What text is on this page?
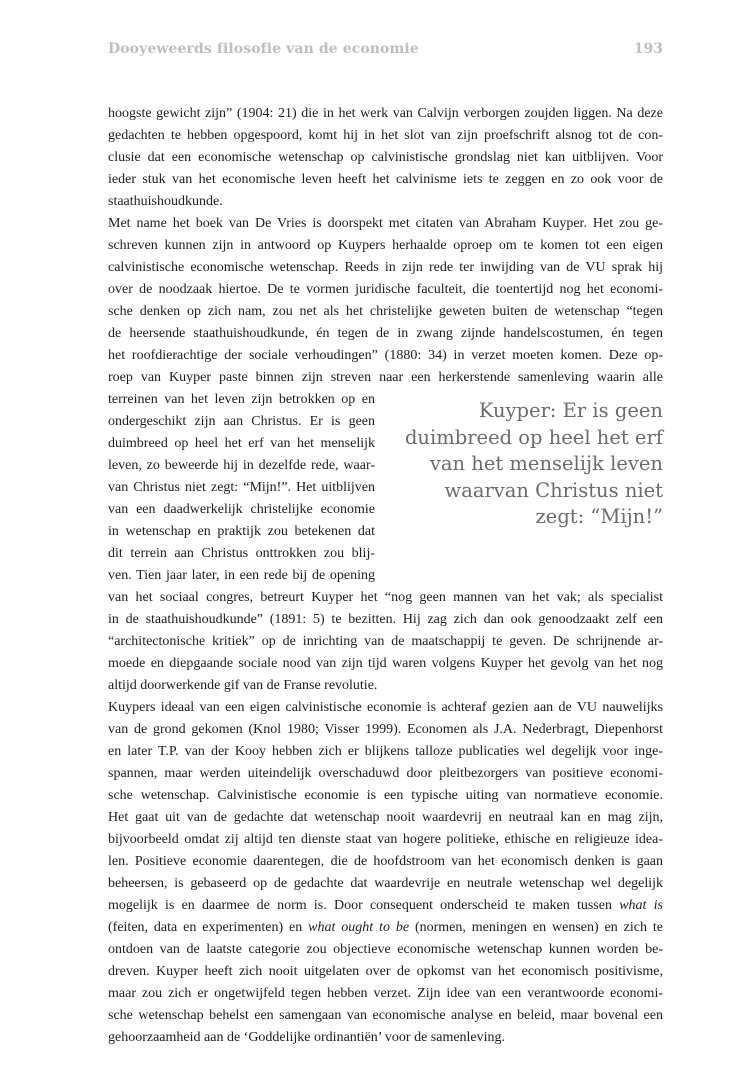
Dooyeweerds filosofie van de economie	193
hoogste gewicht zijn” (1904: 21) die in het werk van Calvijn verborgen zoujden liggen. Na deze
gedachten te hebben opgespoord, komt hij in het slot van zijn proefschrift alsnog tot de con-
clusie dat een economische wetenschap op calvinistische grondslag niet kan uitblijven. Voor
ieder stuk van het economische leven heeft het calvinisme iets te zeggen en zo ook voor de
staathuishoudkunde.
Met name het boek van De Vries is doorspekt met citaten van Abraham Kuyper. Het zou ge-
schreven kunnen zijn in antwoord op Kuypers herhaalde oproep om te komen tot een eigen
calvinistische economische wetenschap. Reeds in zijn rede ter inwijding van de VU sprak hij
over de noodzaak hiertoe. De te vormen juridische faculteit, die toentertijd nog het economi-
sche denken op zich nam, zou net als het christelijke geweten buiten de wetenschap “tegen
de heersende staathuishoudkunde, én tegen de in zwang zijnde handelscostumen, én tegen
het roofdierachtige der sociale verhoudingen” (1880: 34) in verzet moeten komen. Deze op-
roep van Kuyper paste binnen zijn streven naar een herkerstende samenleving waarin alle
terreinen van het leven zijn betrokken op en
ondergeschikt zijn aan Christus. Er is geen
duimbreed op heel het erf van het menselijk
leven, zo beweerde hij in dezelfde rede, waar-
van Christus niet zegt: “Mijn!”. Het uitblijven
van een daadwerkelijk christelijke economie
in wetenschap en praktijk zou betekenen dat
dit terrein aan Christus onttrokken zou blij-
ven. Tien jaar later, in een rede bij de opening
van het sociaal congres, betreurt Kuyper het “nog geen mannen van het vak; als specialist
in de staathuishoudkunde” (1891: 5) te bezitten. Hij zag zich dan ook genoodzaakt zelf een
“architectonische kritiek” op de inrichting van de maatschappij te geven. De schrijnende ar-
moede en diepgaande sociale nood van zijn tijd waren volgens Kuyper het gevolg van het nog
altijd doorwerkende gif van de Franse revolutie.
Kuypers ideaal van een eigen calvinistische economie is achteraf gezien aan de VU nauwelijks
van de grond gekomen (Knol 1980; Visser 1999). Economen als J.A. Nederbragt, Diepenhorst
en later T.P. van der Kooy hebben zich er blijkens talloze publicaties wel degelijk voor inge-
spannen, maar werden uiteindelijk overschaduwd door pleitbezorgers van positieve economi-
sche wetenschap. Calvinistische economie is een typische uiting van normatieve economie.
Het gaat uit van de gedachte dat wetenschap nooit waardevrij en neutraal kan en mag zijn,
bijvoorbeeld omdat zij altijd ten dienste staat van hogere politieke, ethische en religieuze idea-
len. Positieve economie daarentegen, die de hoofdstroom van het economisch denken is gaan
beheersen, is gebaseerd op de gedachte dat waardevrije en neutrale wetenschap wel degelijk
mogelijk is en daarmee de norm is. Door consequent onderscheid te maken tussen what is
(feiten, data en experimenten) en what ought to be (normen, meningen en wensen) en zich te
ontdoen van de laatste categorie zou objectieve economische wetenschap kunnen worden be-
dreven. Kuyper heeft zich nooit uitgelaten over de opkomst van het economisch positivisme,
maar zou zich er ongetwijfeld tegen hebben verzet. Zijn idee van een verantwoorde economi-
sche wetenschap behelst een samengaan van economische analyse en beleid, maar bovenal een
gehoorzaamheid aan de ‘Goddelijke ordinantiën’ voor de samenleving.
Kuyper: Er is geen
duimbreed op heel het erf
van het menselijk leven
waarvan Christus niet
zegt: “Mijn!”
